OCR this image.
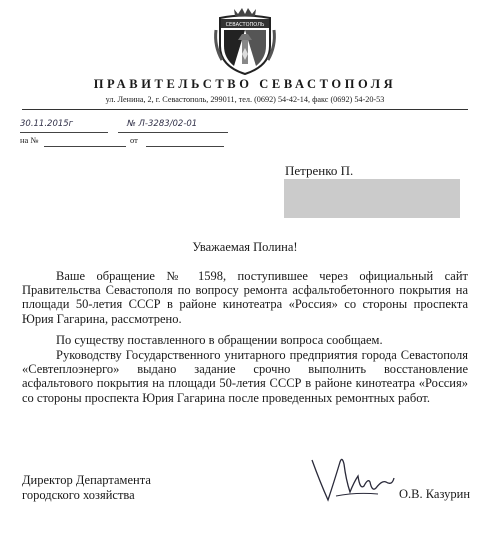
СЕВАСТОПОЛЬ
ПРАВИТЕЛЬСТВО СЕВАСТОПОЛЯ
ул. Ленина, 2, г. Севастополь, 299011, тел. (0692) 54-42-14, факс (0692) 54-20-53
30.11.2015г	№ Л-3283/02-01
на №	от
Петренко П.
Уважаемая Полина!

Ваше обращение № 1598, поступившее через официальный сайт Правительства Севастополя по вопросу ремонта асфальтобетонного покрытия на площади 50-летия СССР в районе кинотеатра «Россия» со стороны проспекта Юрия Гагарина, рассмотрено.

По существу поставленного в обращении вопроса сообщаем.

Руководству Государственного унитарного предприятия города Севастополя «Севтеплоэнерго» выдано задание срочно выполнить восстановление асфальтового покрытия на площади 50-летия СССР в районе кинотеатра «Россия» со стороны проспекта Юрия Гагарина после проведенных ремонтных работ.

Директор Департамента
городского хозяйства	О.В. Казурин
